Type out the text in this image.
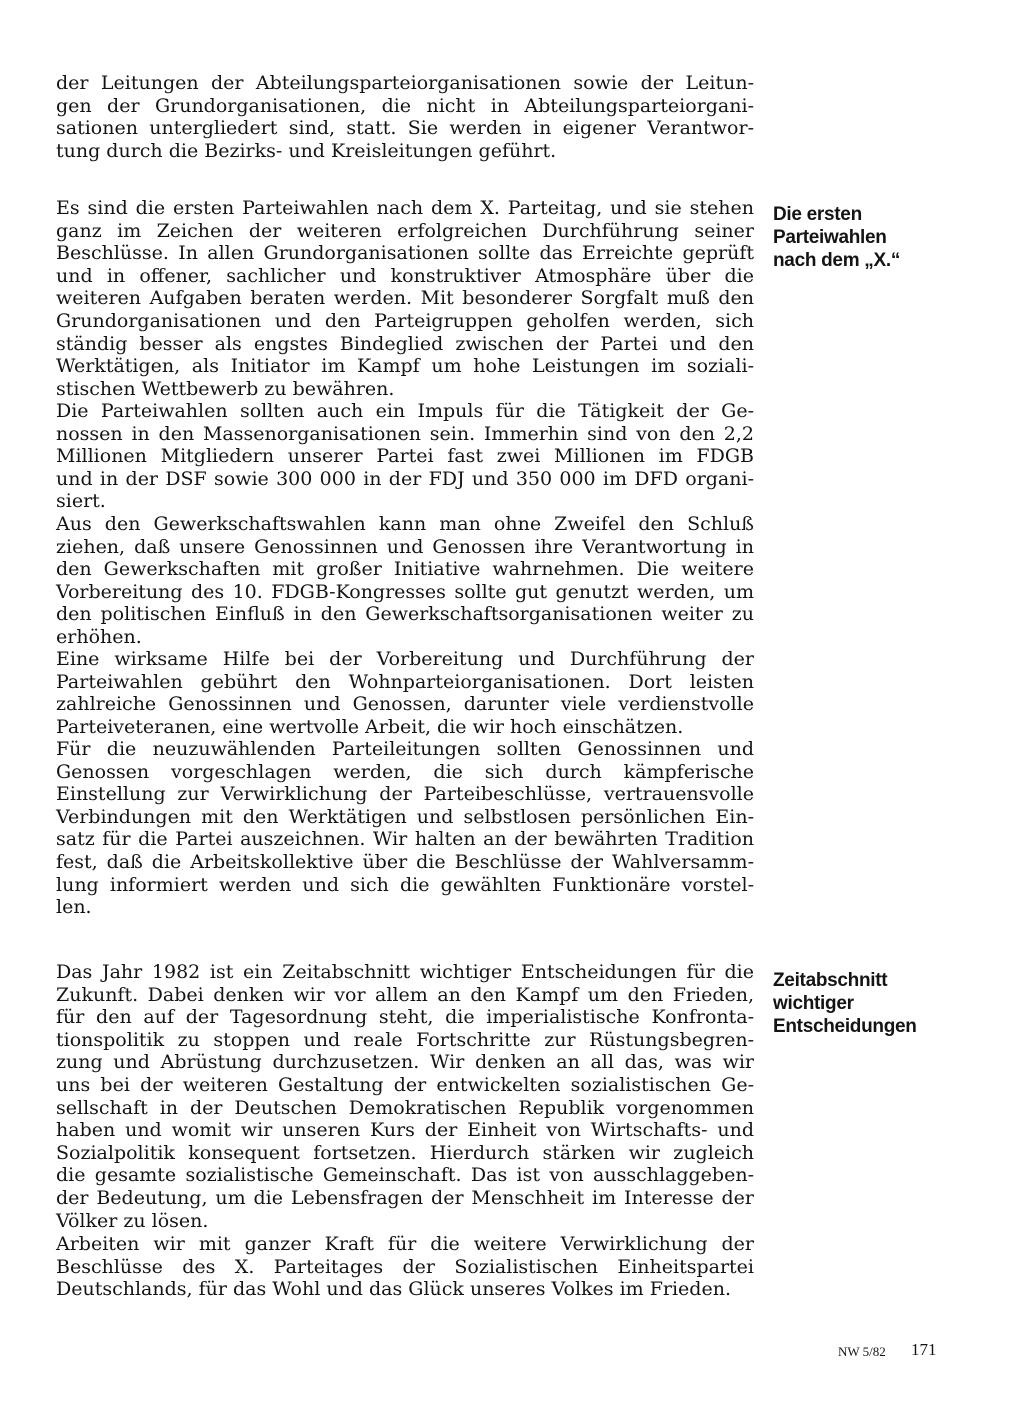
der Leitungen der Abteilungsparteiorganisationen sowie der Leitun-
gen der Grundorganisationen, die nicht in Abteilungsparteiorgani-
sationen untergliedert sind, statt. Sie werden in eigener Verantwor-
tung durch die Bezirks- und Kreisleitungen geführt.
Es sind die ersten Parteiwahlen nach dem X. Parteitag, und sie stehen
ganz im Zeichen der weiteren erfolgreichen Durchführung seiner
Beschlüsse. In allen Grundorganisationen sollte das Erreichte geprüft
und in offener, sachlicher und konstruktiver Atmosphäre über die
weiteren Aufgaben beraten werden. Mit besonderer Sorgfalt muß den
Grundorganisationen und den Parteigruppen geholfen werden, sich
ständig besser als engstes Bindeglied zwischen der Partei und den
Werktätigen, als Initiator im Kampf um hohe Leistungen im soziali-
stischen Wettbewerb zu bewähren.
Die Parteiwahlen sollten auch ein Impuls für die Tätigkeit der Ge-
nossen in den Massenorganisationen sein. Immerhin sind von den 2,2
Millionen Mitgliedern unserer Partei fast zwei Millionen im FDGB
und in der DSF sowie 300 000 in der FDJ und 350 000 im DFD organi-
siert.
Aus den Gewerkschaftswahlen kann man ohne Zweifel den Schluß
ziehen, daß unsere Genossinnen und Genossen ihre Verantwortung in
den Gewerkschaften mit großer Initiative wahrnehmen. Die weitere
Vorbereitung des 10. FDGB-Kongresses sollte gut genutzt werden, um
den politischen Einfluß in den Gewerkschaftsorganisationen weiter zu
erhöhen.
Eine wirksame Hilfe bei der Vorbereitung und Durchführung der
Parteiwahlen gebührt den Wohnparteiorganisationen. Dort leisten
zahlreiche Genossinnen und Genossen, darunter viele verdienstvolle
Parteiveteranen, eine wertvolle Arbeit, die wir hoch einschätzen.
Für die neuzuwählenden Parteileitungen sollten Genossinnen und
Genossen vorgeschlagen werden, die sich durch kämpferische
Einstellung zur Verwirklichung der Parteibeschlüsse, vertrauensvolle
Verbindungen mit den Werktätigen und selbstlosen persönlichen Ein-
satz für die Partei auszeichnen. Wir halten an der bewährten Tradition
fest, daß die Arbeitskollektive über die Beschlüsse der Wahlversamm-
lung informiert werden und sich die gewählten Funktionäre vorstel-
len.
Das Jahr 1982 ist ein Zeitabschnitt wichtiger Entscheidungen für die
Zukunft. Dabei denken wir vor allem an den Kampf um den Frieden,
für den auf der Tagesordnung steht, die imperialistische Konfronta-
tionspolitik zu stoppen und reale Fortschritte zur Rüstungsbegren-
zung und Abrüstung durchzusetzen. Wir denken an all das, was wir
uns bei der weiteren Gestaltung der entwickelten sozialistischen Ge-
sellschaft in der Deutschen Demokratischen Republik vorgenommen
haben und womit wir unseren Kurs der Einheit von Wirtschafts- und
Sozialpolitik konsequent fortsetzen. Hierdurch stärken wir zugleich
die gesamte sozialistische Gemeinschaft. Das ist von ausschlaggeben-
der Bedeutung, um die Lebensfragen der Menschheit im Interesse der
Völker zu lösen.
Arbeiten wir mit ganzer Kraft für die weitere Verwirklichung der
Beschlüsse des X. Parteitages der Sozialistischen Einheitspartei
Deutschlands, für das Wohl und das Glück unseres Volkes im Frieden.
Die ersten
Parteiwahlen
nach dem „X.“
Zeitabschnitt
wichtiger
Entscheidungen
NW 5/82 171
